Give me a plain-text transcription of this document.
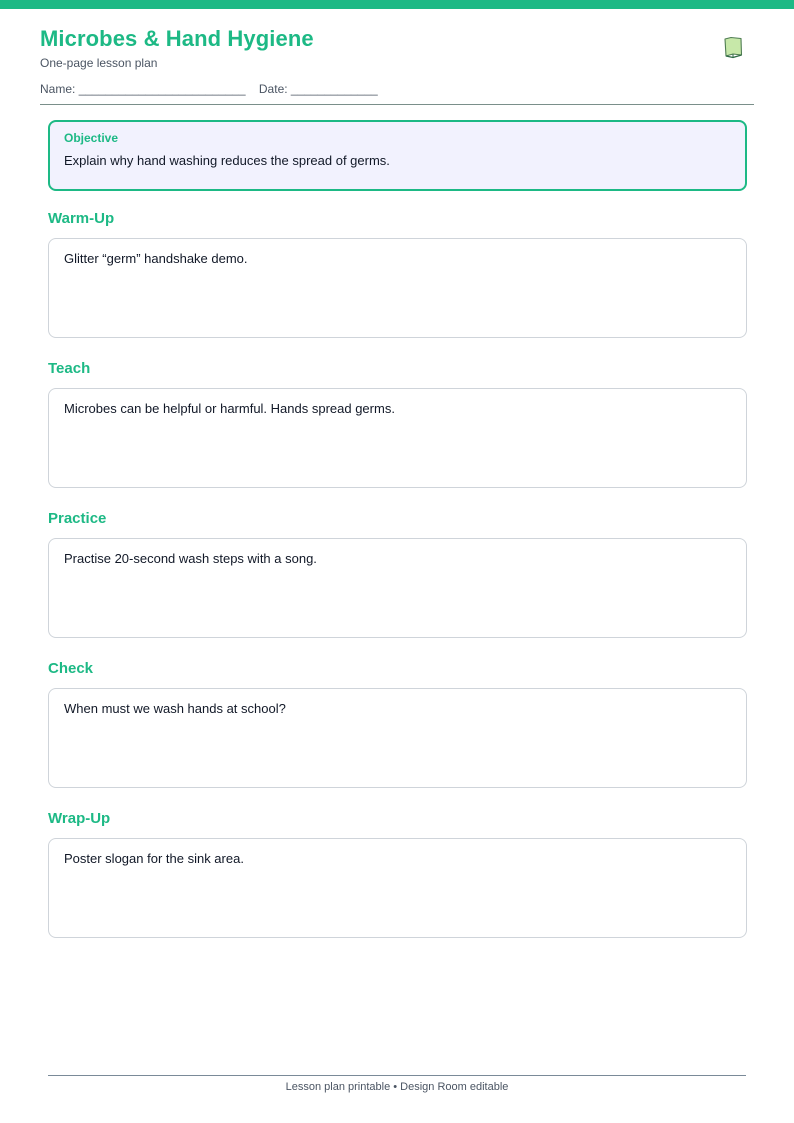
Microbes & Hand Hygiene
One-page lesson plan
Name: _________________________ Date: _____________
Objective
Explain why hand washing reduces the spread of germs.
Warm-Up
Glitter “germ” handshake demo.
Teach
Microbes can be helpful or harmful. Hands spread germs.
Practice
Practise 20-second wash steps with a song.
Check
When must we wash hands at school?
Wrap-Up
Poster slogan for the sink area.
Lesson plan printable • Design Room editable
